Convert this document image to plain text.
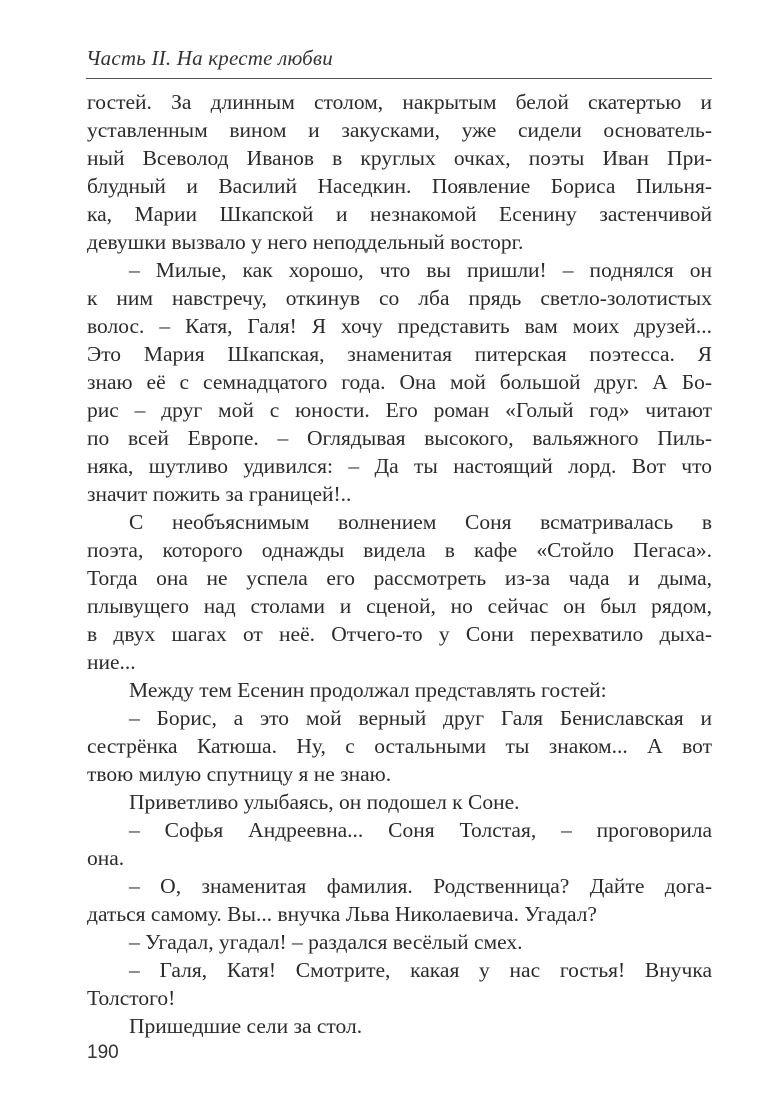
Часть II. На кресте любви
гостей. За длинным столом, накрытым белой скатертью и
уставленным вином и закусками, уже сидели основатель-
ный Всеволод Иванов в круглых очках, поэты Иван При-
блудный и Василий Наседкин. Появление Бориса Пильня-
ка, Марии Шкапской и незнакомой Есенину застенчивой
девушки вызвало у него неподдельный восторг.
– Милые, как хорошо, что вы пришли! – поднялся он
к ним навстречу, откинув со лба прядь светло-золотистых
волос. – Катя, Галя! Я хочу представить вам моих друзей...
Это Мария Шкапская, знаменитая питерская поэтесса. Я
знаю её с семнадцатого года. Она мой большой друг. А Бо-
рис – друг мой с юности. Его роман «Голый год» читают
по всей Европе. – Оглядывая высокого, вальяжного Пиль-
няка, шутливо удивился: – Да ты настоящий лорд. Вот что
значит пожить за границей!..
С необъяснимым волнением Соня всматривалась в
поэта, которого однажды видела в кафе «Стойло Пегаса».
Тогда она не успела его рассмотреть из-за чада и дыма,
плывущего над столами и сценой, но сейчас он был рядом,
в двух шагах от неё. Отчего-то у Сони перехватило дыха-
ние...
Между тем Есенин продолжал представлять гостей:
– Борис, а это мой верный друг Галя Бениславская и
сестрёнка Катюша. Ну, с остальными ты знаком... А вот
твою милую спутницу я не знаю.
Приветливо улыбаясь, он подошел к Соне.
– Софья Андреевна... Соня Толстая, – проговорила
она.
– О, знаменитая фамилия. Родственница? Дайте дога-
даться самому. Вы... внучка Льва Николаевича. Угадал?
– Угадал, угадал! – раздался весёлый смех.
– Галя, Катя! Смотрите, какая у нас гостья! Внучка
Толстого!
Пришедшие сели за стол.
190
